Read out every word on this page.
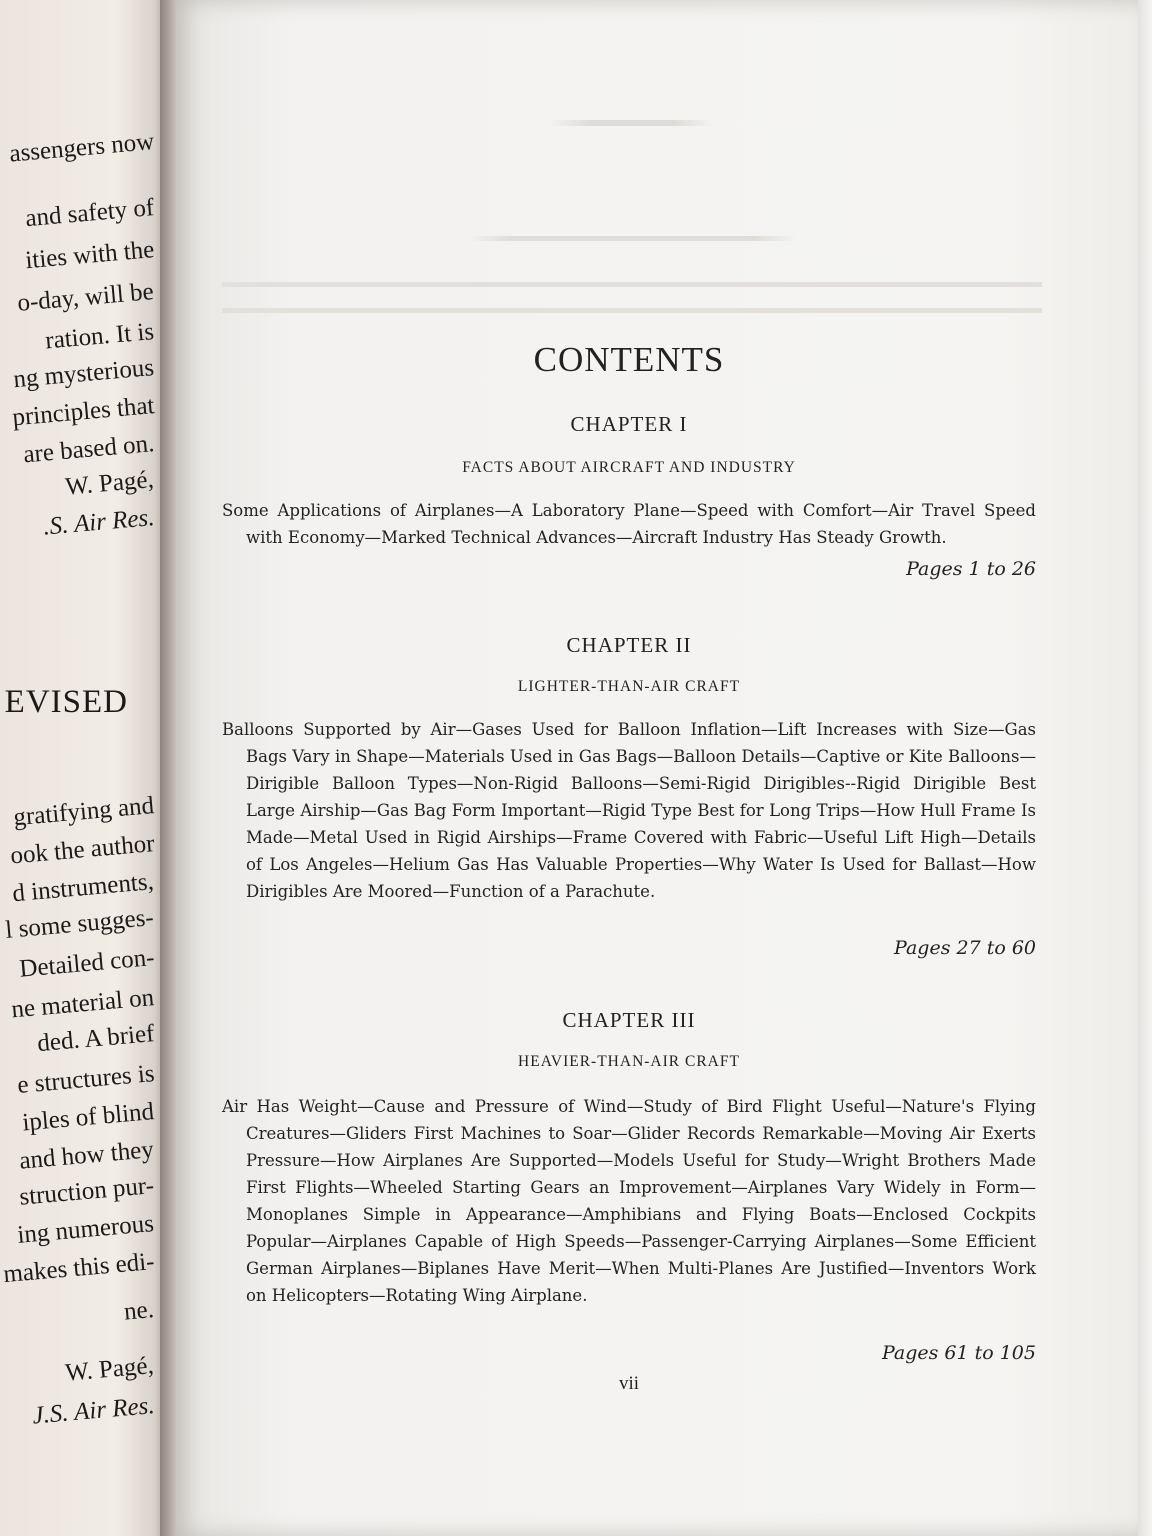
assengers now
and safety of
ities with the
o-day, will be
ration. It is
ng mysterious
principles that
are based on.
W. Pagé,
.S. Air Res.
EVISED
gratifying and
ook the author
d instruments,
l some sugges-
Detailed con-
ne material on
ded. A brief
e structures is
iples of blind
and how they
struction pur-
ing numerous
makes this edi-
ne.
W. Pagé,
J.S. Air Res.
CONTENTS
CHAPTER I
FACTS ABOUT AIRCRAFT AND INDUSTRY
Some Applications of Airplanes—A Laboratory Plane—Speed with Comfort—Air Travel Speed with Economy—Marked Technical Advances—Aircraft Industry Has Steady Growth.
Pages 1 to 26
CHAPTER II
LIGHTER-THAN-AIR CRAFT
Balloons Supported by Air—Gases Used for Balloon Inflation—Lift Increases with Size—Gas Bags Vary in Shape—Materials Used in Gas Bags—Balloon Details—Captive or Kite Balloons—Dirigible Balloon Types—Non-Rigid Balloons—Semi-Rigid Dirigibles--Rigid Dirigible Best Large Airship—Gas Bag Form Important—Rigid Type Best for Long Trips—How Hull Frame Is Made—Metal Used in Rigid Airships—Frame Covered with Fabric—Useful Lift High—Details of Los Angeles—Helium Gas Has Valuable Properties—Why Water Is Used for Ballast—How Dirigibles Are Moored—Function of a Parachute.
Pages 27 to 60
CHAPTER III
HEAVIER-THAN-AIR CRAFT
Air Has Weight—Cause and Pressure of Wind—Study of Bird Flight Useful—Nature's Flying Creatures—Gliders First Machines to Soar—Glider Records Remarkable—Moving Air Exerts Pressure—How Airplanes Are Supported—Models Useful for Study—Wright Brothers Made First Flights—Wheeled Starting Gears an Improvement—Airplanes Vary Widely in Form—Monoplanes Simple in Appearance—Amphibians and Flying Boats—Enclosed Cockpits Popular—Airplanes Capable of High Speeds—Passenger-Carrying Airplanes—Some Efficient German Airplanes—Biplanes Have Merit—When Multi-Planes Are Justified—Inventors Work on Helicopters—Rotating Wing Airplane.
Pages 61 to 105
vii
